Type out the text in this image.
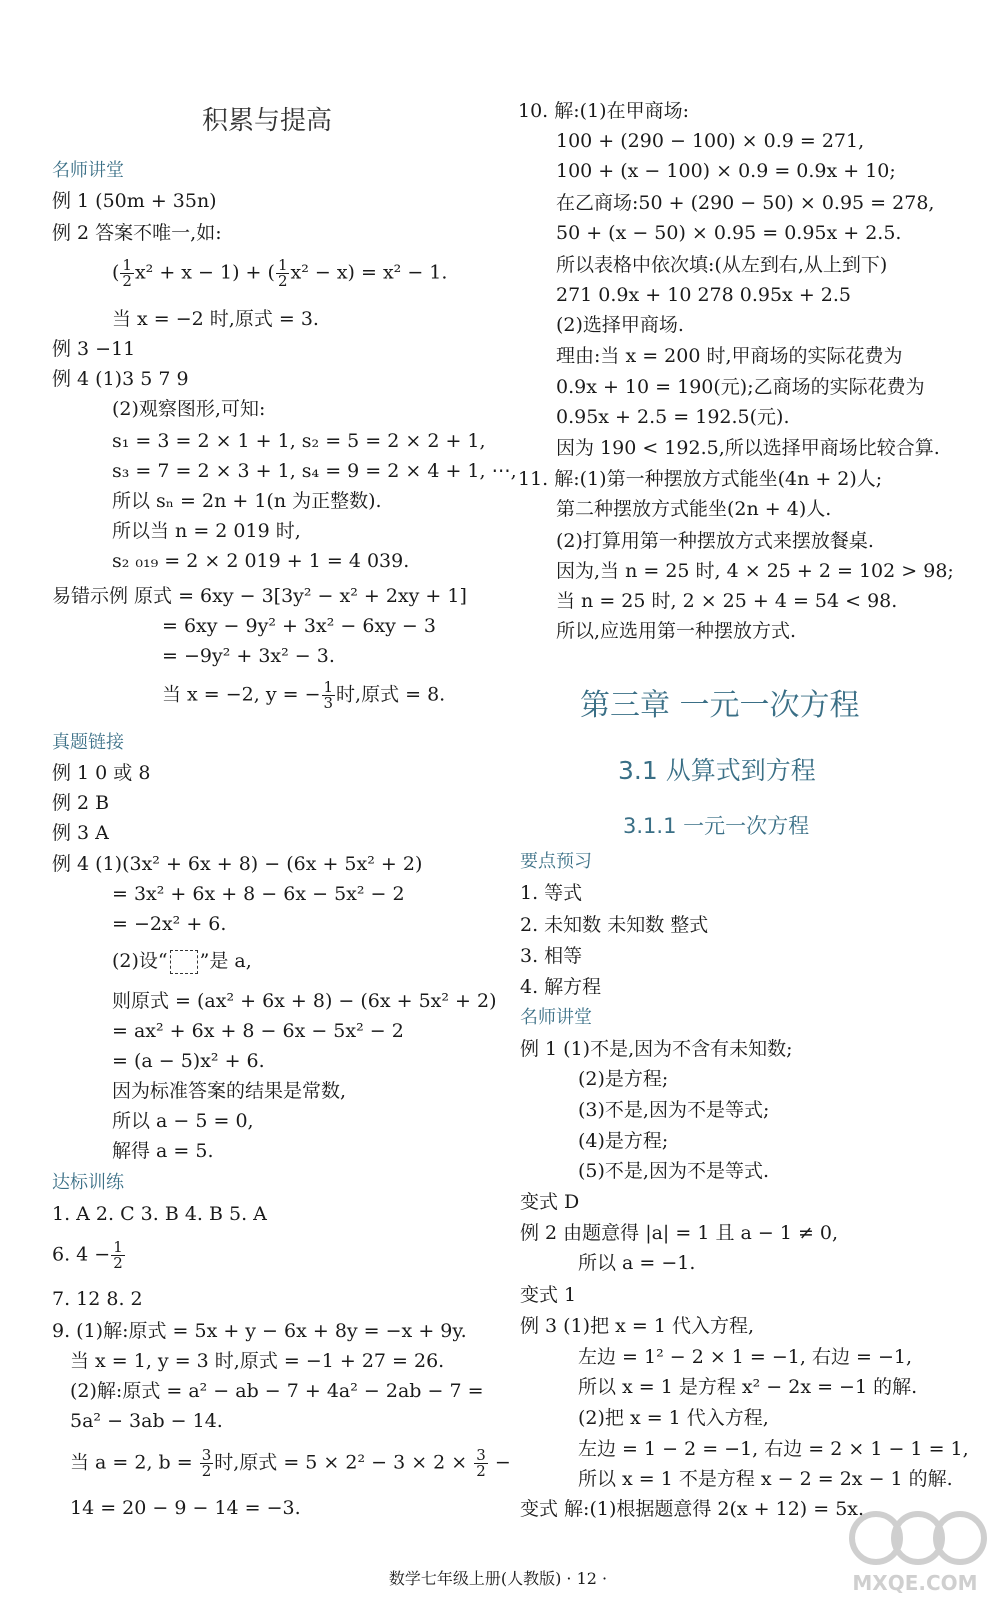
积累与提高
名师讲堂
例 1 (50m + 35n)
例 2 答案不唯一,如:
( $\frac{1}{2} x^2 + x - 1$) + ( $\frac{1}{2} x^2 - x) = x^2 - 1$.
当 x = −2 时,原式 = 3.
例 3 −11
例 4 (1)3 5 7 9
(2)观察图形,可知:
s₁ = 3 = 2 × 1 + 1, s₂ = 5 = 2 × 2 + 1,
s₃ = 7 = 2 × 3 + 1, s₄ = 9 = 2 × 4 + 1, ⋯,
所以 sₙ = 2n + 1(n 为正整数).
所以当 n = 2 019 时,
s₂ ₀₁₉ = 2 × 2 019 + 1 = 4 039.
易错示例 原式 = 6xy − 3[3y² − x² + 2xy + 1]
= 6xy − 9y² + 3x² − 6xy − 3
= −9y² + 3x² − 3.
当 x = −2, y = − $\frac{1}{3}$ 时,原式 = 8.
真题链接
例 1 0 或 8
例 2 B
例 3 A
例 4 (1)(3x² + 6x + 8) − (6x + 5x² + 2)
= 3x² + 6x + 8 − 6x − 5x² − 2
= −2x² + 6.
(2)设“ ”是 a,
则原式 = (ax² + 6x + 8) − (6x + 5x² + 2)
= ax² + 6x + 8 − 6x − 5x² − 2
= (a − 5)x² + 6.
因为标准答案的结果是常数,
所以 a − 5 = 0,
解得 a = 5.
达标训练
1. A 2. C 3. B 4. B 5. A
6. $4 - \frac{1}{2}$
7. 12 8. 2
9. (1)解:原式 = 5x + y − 6x + 8y = −x + 9y.
当 x = 1, y = 3 时,原式 = −1 + 27 = 26.
(2)解:原式 = a² − ab − 7 + 4a² − 2ab − 7 =
5a² − 3ab − 14.
当 a = 2, $b = \frac{3}{2}$ 时,原式 = $5 \times 2^2 - 3 \times 2 \times \frac{3}{2}$ −
14 = 20 − 9 − 14 = −3.
10. 解:(1)在甲商场:
100 + (290 − 100) × 0.9 = 271,
100 + (x − 100) × 0.9 = 0.9x + 10;
在乙商场:50 + (290 − 50) × 0.95 = 278,
50 + (x − 50) × 0.95 = 0.95x + 2.5.
所以表格中依次填:(从左到右,从上到下)
271 0.9x + 10 278 0.95x + 2.5
(2)选择甲商场.
理由:当 x = 200 时,甲商场的实际花费为
0.9x + 10 = 190(元);乙商场的实际花费为
0.95x + 2.5 = 192.5(元).
因为 190 < 192.5,所以选择甲商场比较合算.
11. 解:(1)第一种摆放方式能坐(4n + 2)人;
第二种摆放方式能坐(2n + 4)人.
(2)打算用第一种摆放方式来摆放餐桌.
因为,当 n = 25 时, 4 × 25 + 2 = 102 > 98;
当 n = 25 时, 2 × 25 + 4 = 54 < 98.
所以,应选用第一种摆放方式.
第三章 一元一次方程
3.1 从算式到方程
3.1.1 一元一次方程
要点预习
1. 等式
2. 未知数 未知数 整式
3. 相等
4. 解方程
名师讲堂
例 1 (1)不是,因为不含有未知数;
(2)是方程;
(3)不是,因为不是等式;
(4)是方程;
(5)不是,因为不是等式.
变式 D
例 2 由题意得 |a| = 1 且 a − 1 ≠ 0,
所以 a = −1.
变式 1
例 3 (1)把 x = 1 代入方程,
左边 = 1² − 2 × 1 = −1, 右边 = −1,
所以 x = 1 是方程 x² − 2x = −1 的解.
(2)把 x = 1 代入方程,
左边 = 1 − 2 = −1, 右边 = 2 × 1 − 1 = 1,
所以 x = 1 不是方程 x − 2 = 2x − 1 的解.
变式 解:(1)根据题意得 2(x + 12) = 5x.
数学七年级上册(人教版) · 12 ·	MXQE.COM
